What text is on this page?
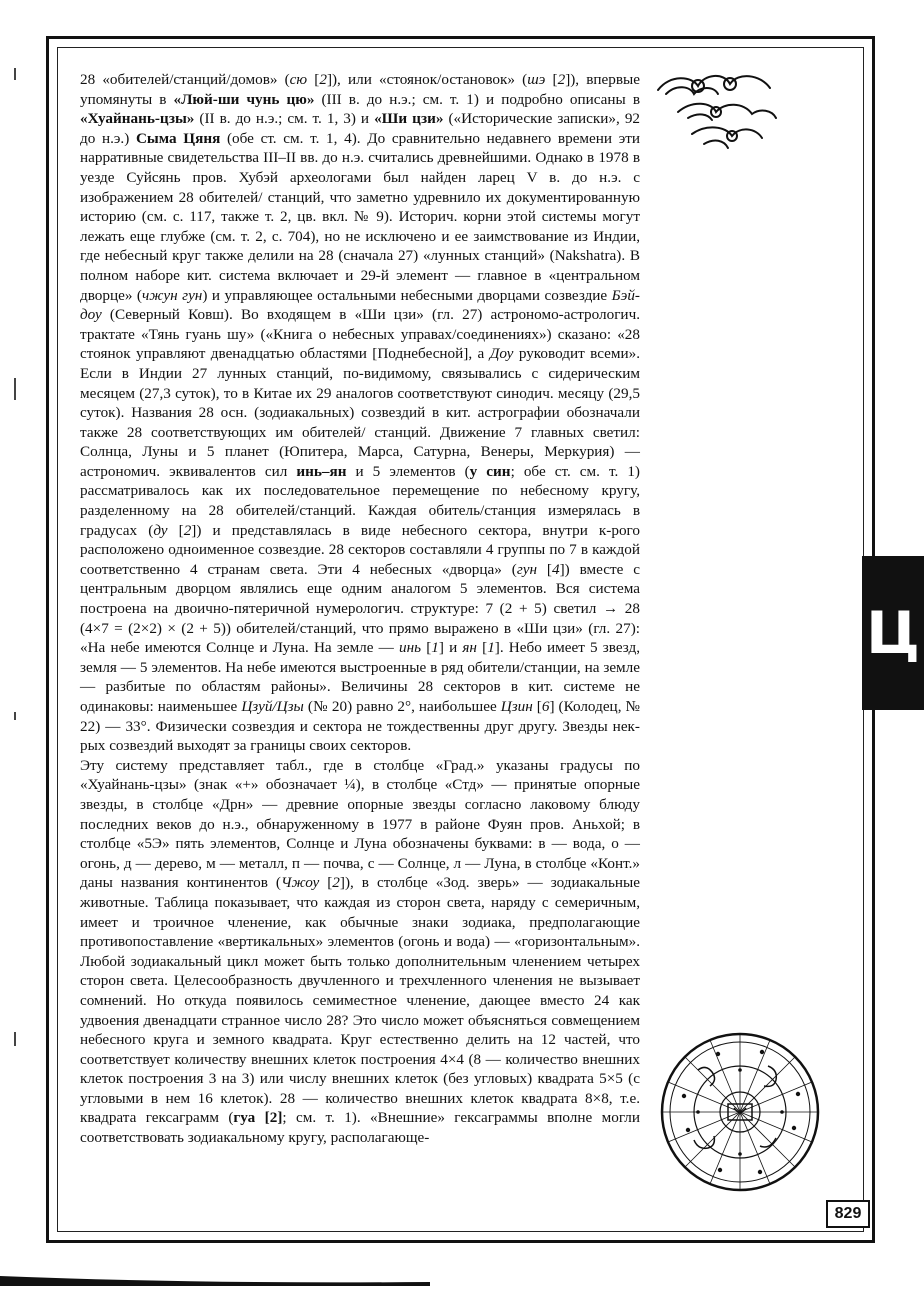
28 «обителей/станций/домов» (сю [2]), или «стоянок/остановок» (шэ [2]), впервые упомянуты в «Люй-ши чунь цю» (III в. до н.э.; см. т. 1) и подробно описаны в «Хуайнань-цзы» (II в. до н.э.; см. т. 1, 3) и «Ши цзи» («Исторические записки», 92 до н.э.) Сыма Цяня (обе ст. см. т. 1, 4). До сравнительно недавнего времени эти нарративные свидетельства III–II вв. до н.э. считались древнейшими. Однако в 1978 в уезде Суйсянь пров. Хубэй археологами был найден ларец V в. до н.э. с изображением 28 обителей/ станций, что заметно удревнило их документированную историю (см. с. 117, также т. 2, цв. вкл. № 9). Историч. корни этой системы могут лежать еще глубже (см. т. 2, с. 704), но не исключено и ее заимствование из Индии, где небесный круг также делили на 28 (сначала 27) «лунных станций» (Nakshatra). В полном наборе кит. система включает и 29-й элемент — главное в «центральном дворце» (чжун гун) и управляющее остальными небесными дворцами созвездие Бэй-доу (Северный Ковш). Во входящем в «Ши цзи» (гл. 27) астрономо-астрологич. трактате «Тянь гуань шу» («Книга о небесных управах/соединениях») сказано: «28 стоянок управляют двенадцатью областями [Поднебесной], а Доу руководит всеми». Если в Индии 27 лунных станций, по-видимому, связывались с сидерическим месяцем (27,3 суток), то в Китае их 29 аналогов соответствуют синодич. месяцу (29,5 суток). Названия 28 осн. (зодиакальных) созвездий в кит. астрографии обозначали также 28 соответствующих им обителей/ станций. Движение 7 главных светил: Солнца, Луны и 5 планет (Юпитера, Марса, Сатурна, Венеры, Меркурия) — астрономич. эквивалентов сил инь–ян и 5 элементов (у син; обе ст. см. т. 1) рассматривалось как их последовательное перемещение по небесному кругу, разделенному на 28 обителей/станций. Каждая обитель/станция измерялась в градусах (ду [2]) и представлялась в виде небесного сектора, внутри к-рого расположено одноименное созвездие. 28 секторов составляли 4 группы по 7 в каждой соответственно 4 странам света. Эти 4 небесных «дворца» (гун [4]) вместе с центральным дворцом являлись еще одним аналогом 5 элементов. Вся система построена на двоично-пятеричной нумерологич. структуре: 7 (2 + 5) светил → 28 (4×7 = (2×2) × (2 + 5)) обителей/станций, что прямо выражено в «Ши цзи» (гл. 27): «На небе имеются Солнце и Луна. На земле — инь [1] и ян [1]. Небо имеет 5 звезд, земля — 5 элементов. На небе имеются выстроенные в ряд обители/станции, на земле — разбитые по областям районы». Величины 28 секторов в кит. системе не одинаковы: наименьшее Цзуй/Цзы (№ 20) равно 2°, наибольшее Цзин [6] (Колодец, № 22) — 33°. Физически созвездия и сектора не тождественны друг другу. Звезды нек-рых созвездий выходят за границы своих секторов.

Эту систему представляет табл., где в столбце «Град.» указаны градусы по «Хуайнань-цзы» (знак «+» обозначает ¼), в столбце «Стд» — принятые опорные звезды, в столбце «Дрн» — древние опорные звезды согласно лаковому блюду последних веков до н.э., обнаруженному в 1977 в районе Фуян пров. Аньхой; в столбце «5Э» пять элементов, Солнце и Луна обозначены буквами: в — вода, о — огонь, д — дерево, м — металл, п — почва, с — Солнце, л — Луна, в столбце «Конт.» даны названия континентов (Чжоу [2]), в столбце «Зод. зверь» — зодиакальные животные. Таблица показывает, что каждая из сторон света, наряду с семеричным, имеет и троичное членение, как обычные знаки зодиака, предполагающие противопоставление «вертикальных» элементов (огонь и вода) — «горизонтальным». Любой зодиакальный цикл может быть только дополнительным членением четырех сторон света. Целесообразность двучленного и трехчленного членения не вызывает сомнений. Но откуда появилось семиместное членение, дающее вместо 24 как удвоения двенадцати странное число 28? Это число может объясняться совмещением небесного круга и земного квадрата. Круг естественно делить на 12 частей, что соответствует количеству внешних клеток построения 4×4 (8 — количество внешних клеток построения 3 на 3) или числу внешних клеток (без угловых) квадрата 5×5 (с угловыми в нем 16 клеток). 28 — количество внешних клеток квадрата 8×8, т.е. квадрата гексаграмм (гуа [2]; см. т. 1). «Внешние» гексаграммы вполне могли соответствовать зодиакальному кругу, располагающе-

Ц
829
